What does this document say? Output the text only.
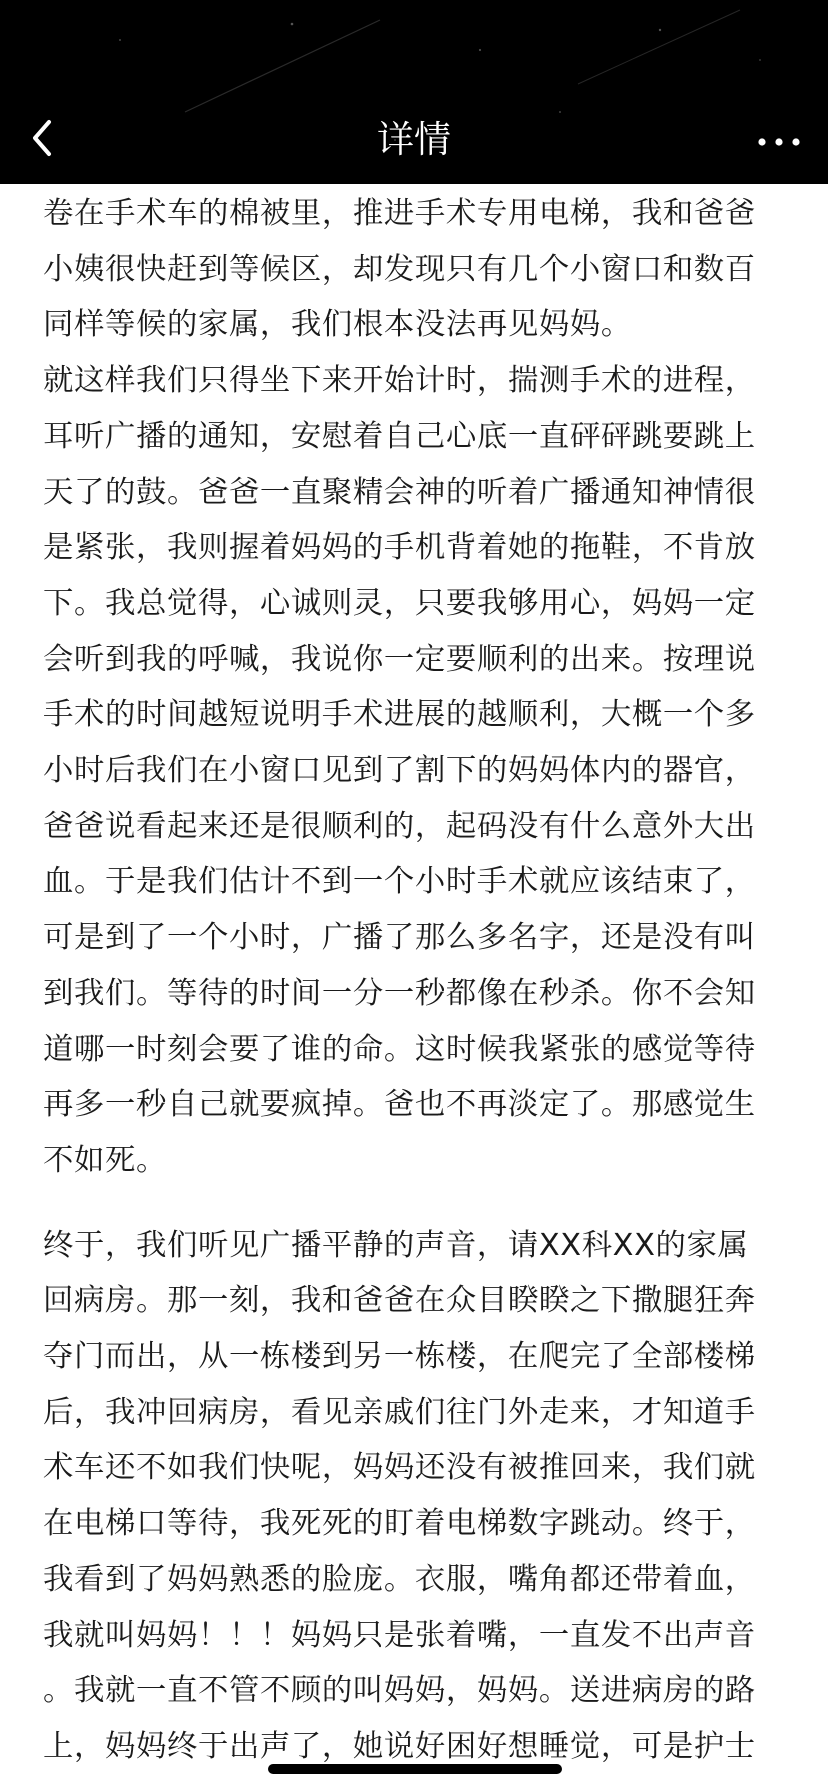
详情

卷在手术车的棉被里，推进手术专用电梯，我和爸爸
小姨很快赶到等候区，却发现只有几个小窗口和数百
同样等候的家属，我们根本没法再见妈妈。

就这样我们只得坐下来开始计时，揣测手术的进程，
耳听广播的通知，安慰着自己心底一直砰砰跳要跳上
天了的鼓。爸爸一直聚精会神的听着广播通知神情很
是紧张，我则握着妈妈的手机背着她的拖鞋，不肯放
下。我总觉得，心诚则灵，只要我够用心，妈妈一定
会听到我的呼喊，我说你一定要顺利的出来。按理说
手术的时间越短说明手术进展的越顺利，大概一个多
小时后我们在小窗口见到了割下的妈妈体内的器官，
爸爸说看起来还是很顺利的，起码没有什么意外大出
血。于是我们估计不到一个小时手术就应该结束了，
可是到了一个小时，广播了那么多名字，还是没有叫
到我们。等待的时间一分一秒都像在秒杀。你不会知
道哪一时刻会要了谁的命。这时候我紧张的感觉等待
再多一秒自己就要疯掉。爸也不再淡定了。那感觉生
不如死。

终于，我们听见广播平静的声音，请XX科XX的家属
回病房。那一刻，我和爸爸在众目睽睽之下撒腿狂奔
夺门而出，从一栋楼到另一栋楼，在爬完了全部楼梯
后，我冲回病房，看见亲戚们往门外走来，才知道手
术车还不如我们快呢，妈妈还没有被推回来，我们就
在电梯口等待，我死死的盯着电梯数字跳动。终于，
我看到了妈妈熟悉的脸庞。衣服，嘴角都还带着血，
我就叫妈妈！！！妈妈只是张着嘴，一直发不出声音
。我就一直不管不顾的叫妈妈，妈妈。送进病房的路
上，妈妈终于出声了，她说好困好想睡觉，可是护士
